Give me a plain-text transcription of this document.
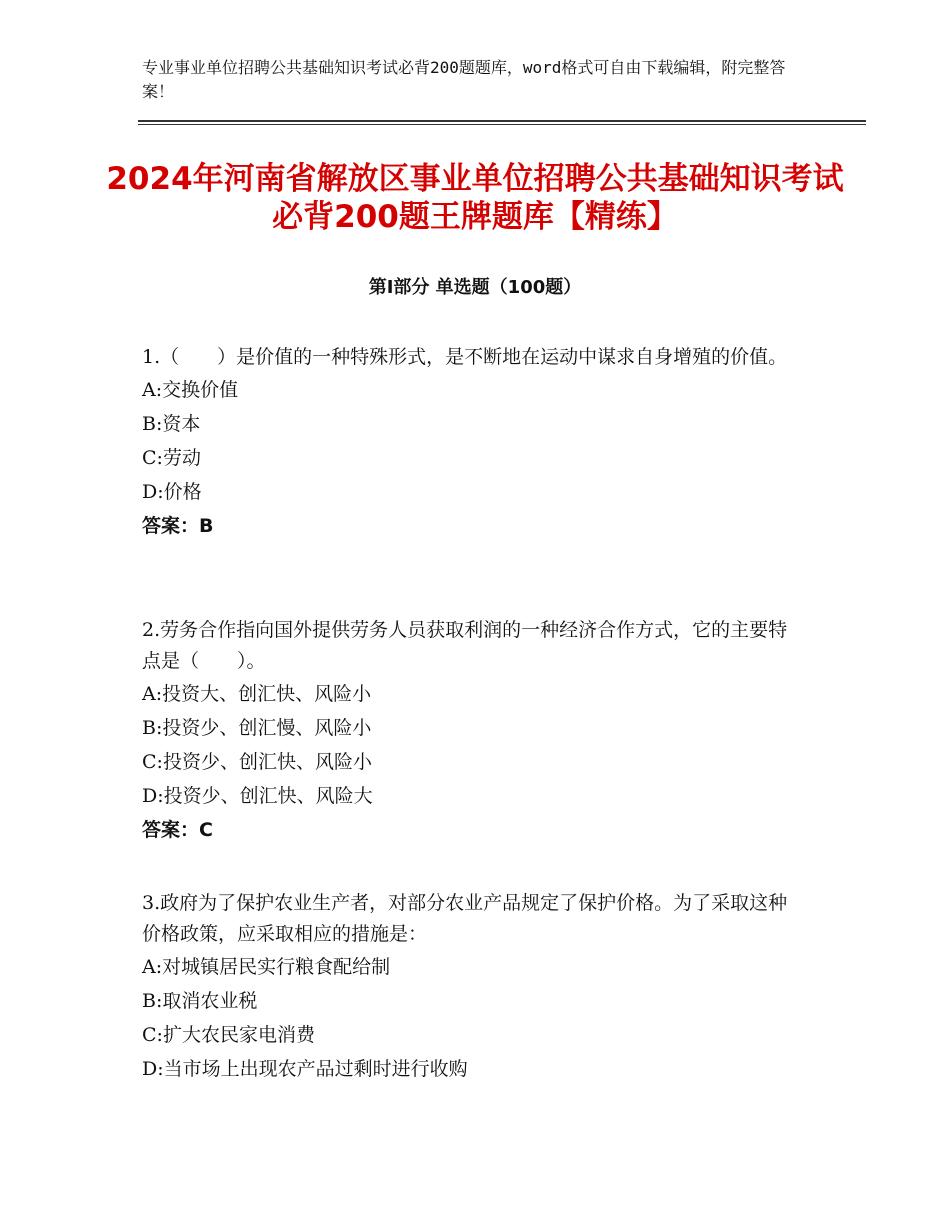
专业事业单位招聘公共基础知识考试必背200题题库，word格式可自由下载编辑，附完整答案！
2024年河南省解放区事业单位招聘公共基础知识考试必背200题王牌题库【精练】
第Ⅰ部分 单选题（100题）

1.（　　）是价值的一种特殊形式，是不断地在运动中谋求自身增殖的价值。

A:交换价值

B:资本

C:劳动

D:价格

答案：B

2.劳务合作指向国外提供劳务人员获取利润的一种经济合作方式，它的主要特点是（　　）。

A:投资大、创汇快、风险小

B:投资少、创汇慢、风险小

C:投资少、创汇快、风险小

D:投资少、创汇快、风险大

答案：C

3.政府为了保护农业生产者，对部分农业产品规定了保护价格。为了采取这种价格政策，应采取相应的措施是：

A:对城镇居民实行粮食配给制

B:取消农业税

C:扩大农民家电消费

D:当市场上出现农产品过剩时进行收购
